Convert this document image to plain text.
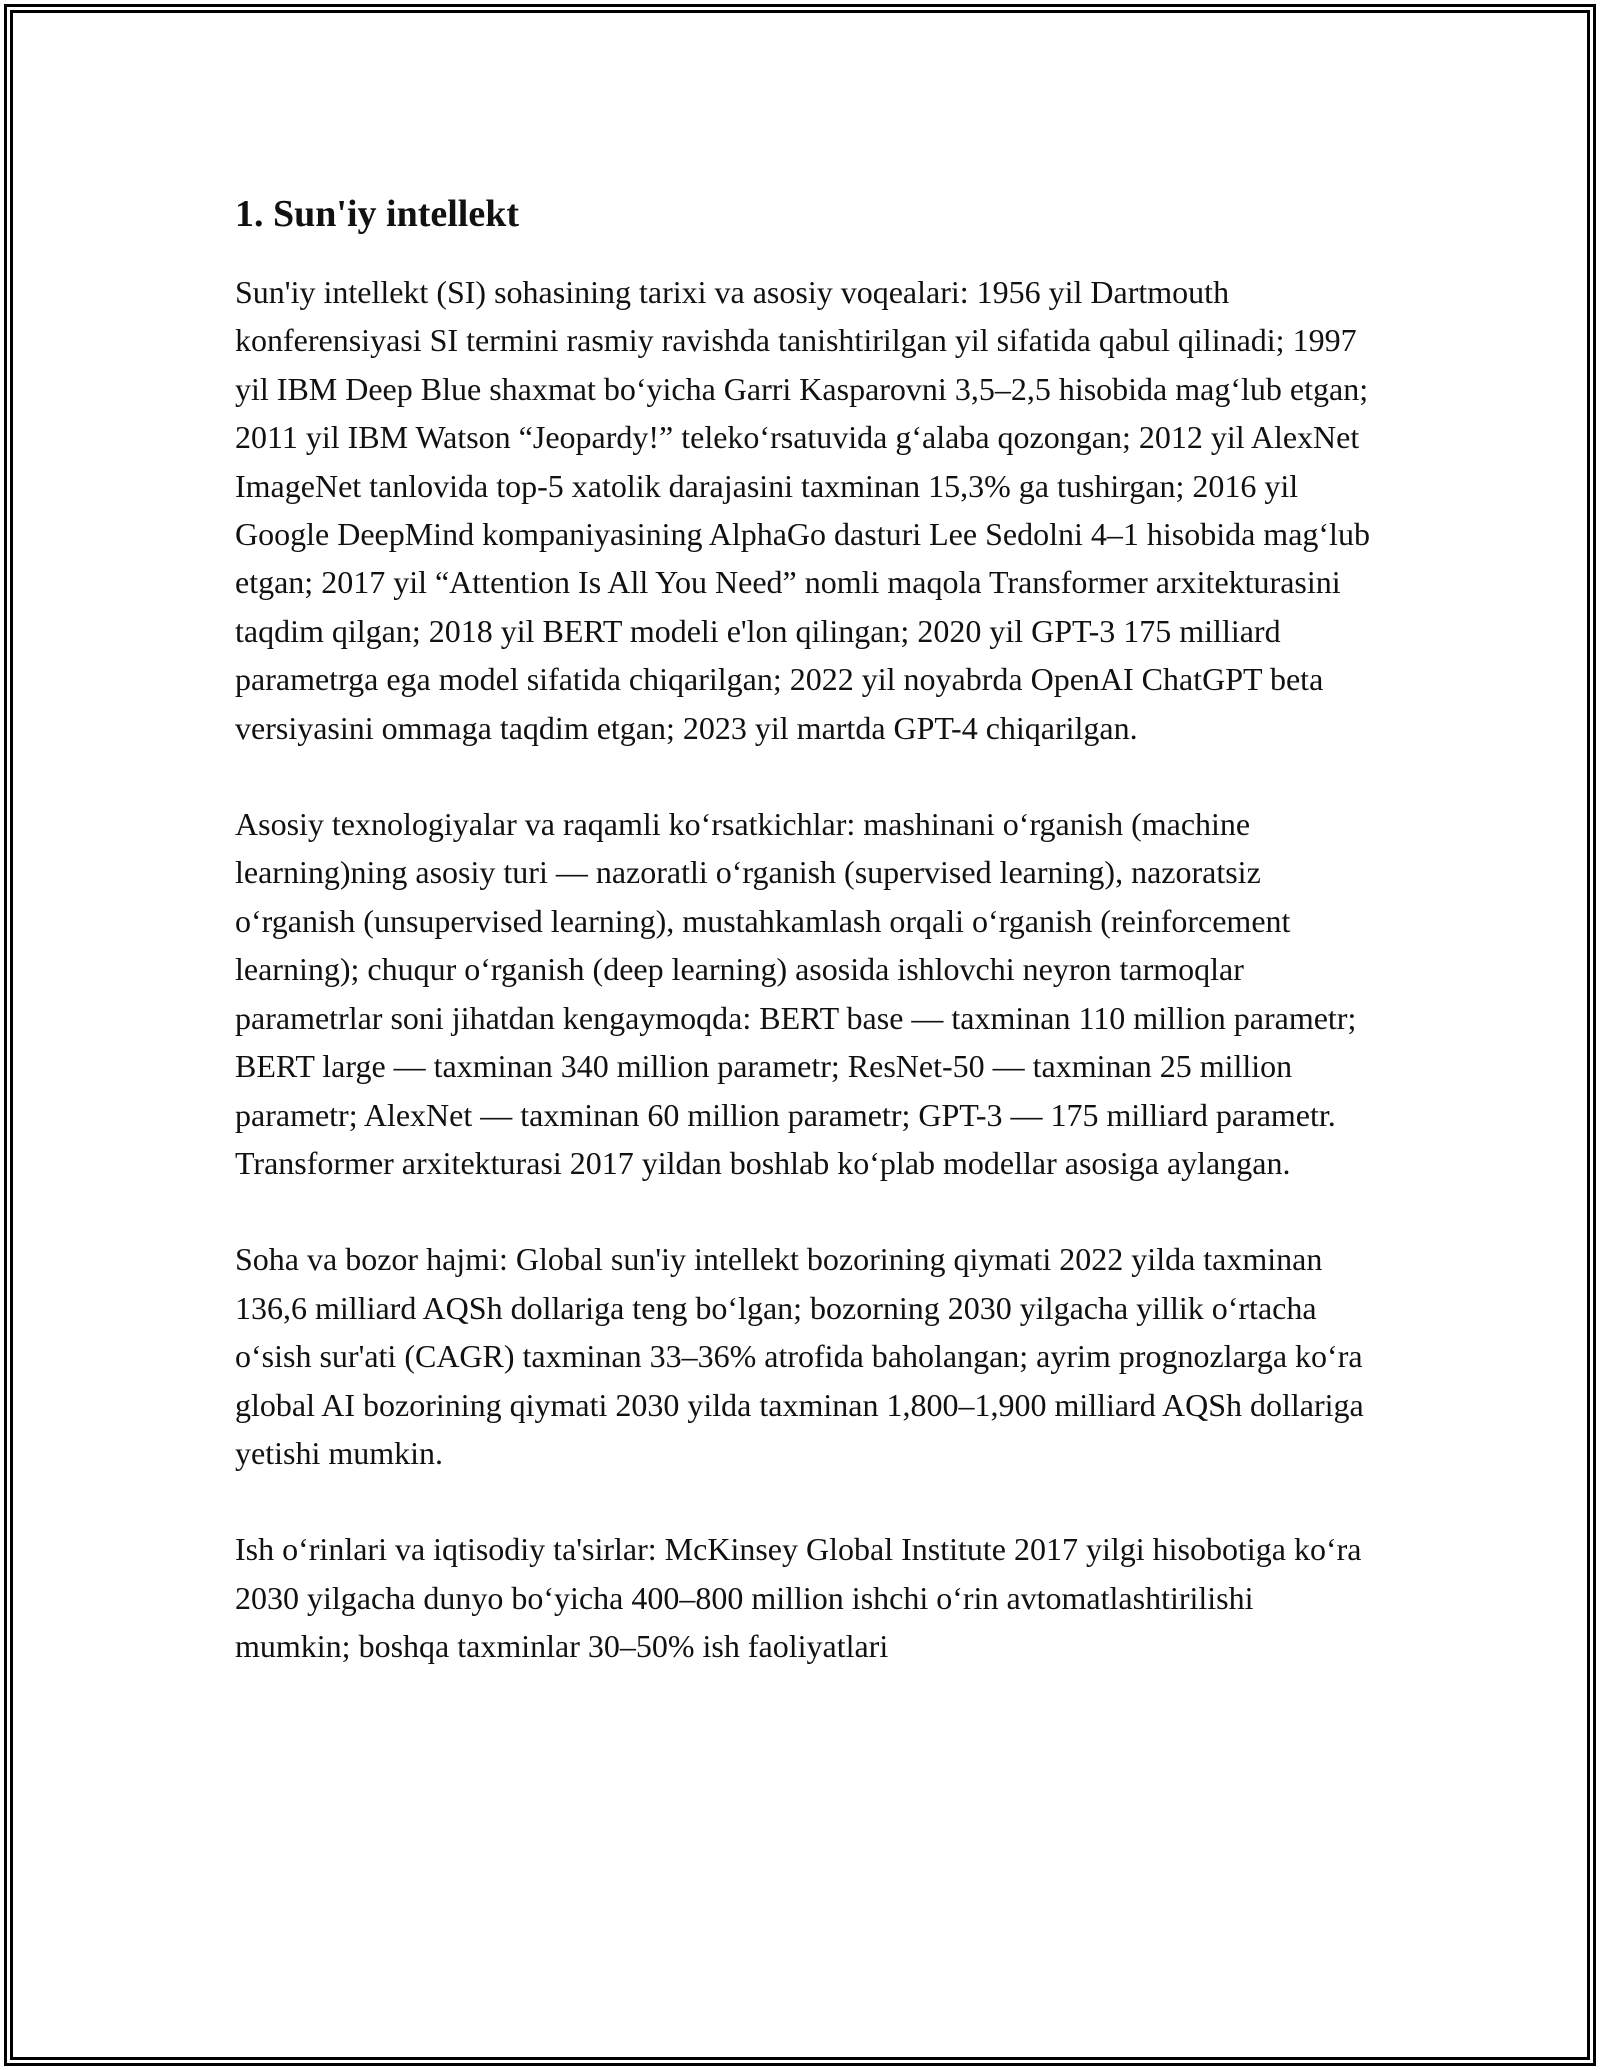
1. Sun'iy intellekt

Sun'iy intellekt (SI) sohasining tarixi va asosiy voqealari: 1956 yil Dartmouth konferensiyasi SI termini rasmiy ravishda tanishtirilgan yil sifatida qabul qilinadi; 1997 yil IBM Deep Blue shaxmat bo‘yicha Garri Kasparovni 3,5–2,5 hisobida mag‘lub etgan; 2011 yil IBM Watson “Jeopardy!” teleko‘rsatuvida g‘alaba qozongan; 2012 yil AlexNet ImageNet tanlovida top-5 xatolik darajasini taxminan 15,3% ga tushirgan; 2016 yil Google DeepMind kompaniyasining AlphaGo dasturi Lee Sedolni 4–1 hisobida mag‘lub etgan; 2017 yil “Attention Is All You Need” nomli maqola Transformer arxitekturasini taqdim qilgan; 2018 yil BERT modeli e'lon qilingan; 2020 yil GPT-3 175 milliard parametrga ega model sifatida chiqarilgan; 2022 yil noyabrda OpenAI ChatGPT beta versiyasini ommaga taqdim etgan; 2023 yil martda GPT-4 chiqarilgan.

Asosiy texnologiyalar va raqamli ko‘rsatkichlar: mashinani o‘rganish (machine learning)ning asosiy turi — nazoratli o‘rganish (supervised learning), nazoratsiz o‘rganish (unsupervised learning), mustahkamlash orqali o‘rganish (reinforcement learning); chuqur o‘rganish (deep learning) asosida ishlovchi neyron tarmoqlar parametrlar soni jihatdan kengaymoqda: BERT base — taxminan 110 million parametr; BERT large — taxminan 340 million parametr; ResNet-50 — taxminan 25 million parametr; AlexNet — taxminan 60 million parametr; GPT-3 — 175 milliard parametr. Transformer arxitekturasi 2017 yildan boshlab ko‘plab modellar asosiga aylangan.

Soha va bozor hajmi: Global sun'iy intellekt bozorining qiymati 2022 yilda taxminan 136,6 milliard AQSh dollariga teng bo‘lgan; bozorning 2030 yilgacha yillik o‘rtacha o‘sish sur'ati (CAGR) taxminan 33–36% atrofida baholangan; ayrim prognozlarga ko‘ra global AI bozorining qiymati 2030 yilda taxminan 1,800–1,900 milliard AQSh dollariga yetishi mumkin.

Ish o‘rinlari va iqtisodiy ta'sirlar: McKinsey Global Institute 2017 yilgi hisobotiga ko‘ra 2030 yilgacha dunyo bo‘yicha 400–800 million ishchi o‘rin avtomatlashtirilishi mumkin; boshqa taxminlar 30–50% ish faoliyatlari
